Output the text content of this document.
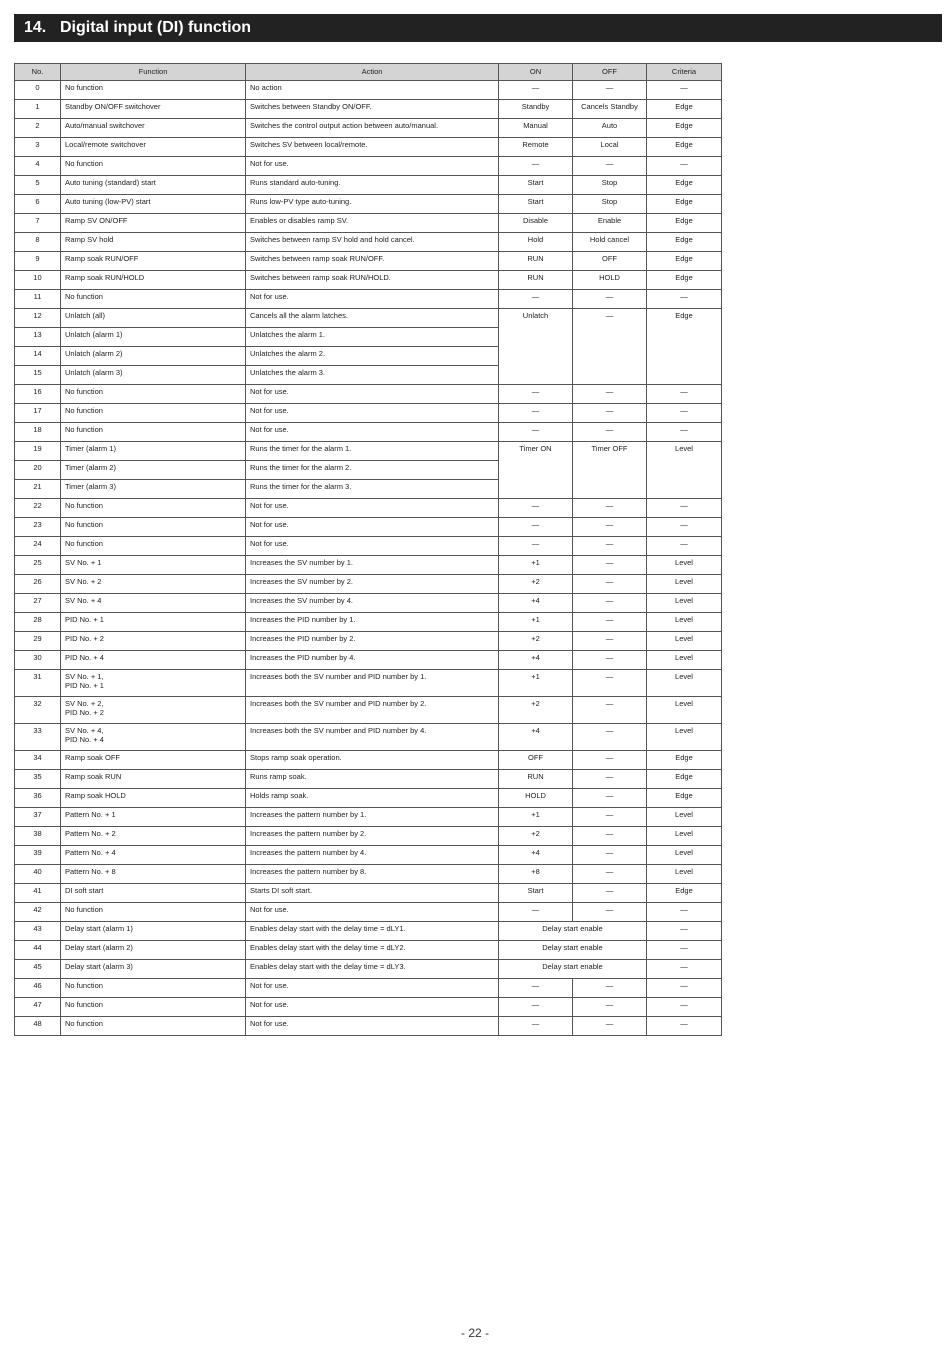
14. Digital input (DI) function
No.	Function	Action	ON	OFF	Criteria
0	No function	No action	—	—	—
1	Standby ON/OFF switchover	Switches between Standby ON/OFF.	Standby	Cancels Standby	Edge
2	Auto/manual switchover	Switches the control output action between auto/manual.	Manual	Auto	Edge
3	Local/remote switchover	Switches SV between local/remote.	Remote	Local	Edge
4	No function	Not for use.	—	—	—
5	Auto tuning (standard) start	Runs standard auto-tuning.	Start	Stop	Edge
6	Auto tuning (low-PV) start	Runs low-PV type auto-tuning.	Start	Stop	Edge
7	Ramp SV ON/OFF	Enables or disables ramp SV.	Disable	Enable	Edge
8	Ramp SV hold	Switches between ramp SV hold and hold cancel.	Hold	Hold cancel	Edge
9	Ramp soak RUN/OFF	Switches between ramp soak RUN/OFF.	RUN	OFF	Edge
10	Ramp soak RUN/HOLD	Switches between ramp soak RUN/HOLD.	RUN	HOLD	Edge
11	No function	Not for use.	—	—	—
12	Unlatch (all)	Cancels all the alarm latches.	Unlatch	—	Edge
13	Unlatch (alarm 1)	Unlatches the alarm 1.			
14	Unlatch (alarm 2)	Unlatches the alarm 2.			
15	Unlatch (alarm 3)	Unlatches the alarm 3.			
16	No function	Not for use.	—	—	—
17	No function	Not for use.	—	—	—
18	No function	Not for use.	—	—	—
19	Timer (alarm 1)	Runs the timer for the alarm 1.	Timer ON	Timer OFF	Level
20	Timer (alarm 2)	Runs the timer for the alarm 2.			
21	Timer (alarm 3)	Runs the timer for the alarm 3.			
22	No function	Not for use.	—	—	—
23	No function	Not for use.	—	—	—
24	No function	Not for use.	—	—	—
25	SV No. + 1	Increases the SV number by 1.	+1	—	Level
26	SV No. + 2	Increases the SV number by 2.	+2	—	Level
27	SV No. + 4	Increases the SV number by 4.	+4	—	Level
28	PID No. + 1	Increases the PID number by 1.	+1	—	Level
29	PID No. + 2	Increases the PID number by 2.	+2	—	Level
30	PID No. + 4	Increases the PID number by 4.	+4	—	Level
31	SV No. + 1,
PID No. + 1	Increases both the SV number and PID number by 1.	+1	—	Level
32	SV No. + 2,
PID No. + 2	Increases both the SV number and PID number by 2.	+2	—	Level
33	SV No. + 4,
PID No. + 4	Increases both the SV number and PID number by 4.	+4	—	Level
34	Ramp soak OFF	Stops ramp soak operation.	OFF	—	Edge
35	Ramp soak RUN	Runs ramp soak.	RUN	—	Edge
36	Ramp soak HOLD	Holds ramp soak.	HOLD	—	Edge
37	Pattern No. + 1	Increases the pattern number by 1.	+1	—	Level
38	Pattern No. + 2	Increases the pattern number by 2.	+2	—	Level
39	Pattern No. + 4	Increases the pattern number by 4.	+4	—	Level
40	Pattern No. + 8	Increases the pattern number by 8.	+8	—	Level
41	DI soft start	Starts DI soft start.	Start	—	Edge
42	No function	Not for use.	—	—	—
43	Delay start (alarm 1)	Enables delay start with the delay time = dLY1.	Delay start enable		—
44	Delay start (alarm 2)	Enables delay start with the delay time = dLY2.	Delay start enable		—
45	Delay start (alarm 3)	Enables delay start with the delay time = dLY3.	Delay start enable		—
46	No function	Not for use.	—	—	—
47	No function	Not for use.	—	—	—
48	No function	Not for use.	—	—	—
- 22 -
